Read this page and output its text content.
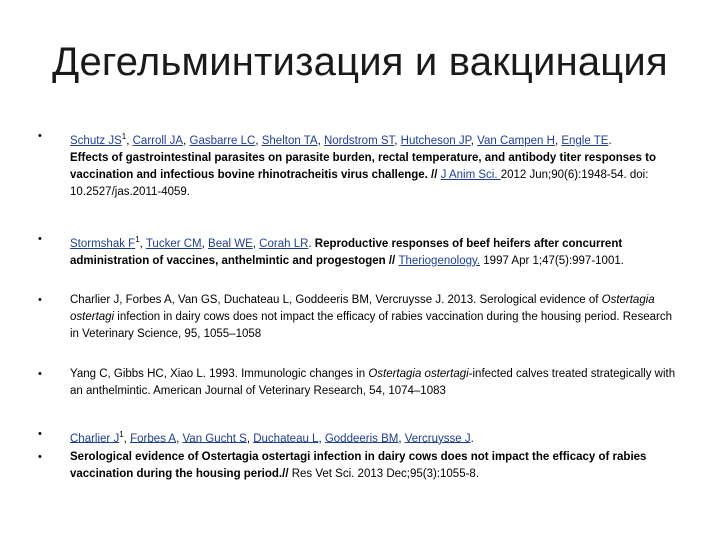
Дегельминтизация и вакцинация
•	Schutz $JS^1$, Carroll JA, Gasbarre LC, Shelton TA, Nordstrom ST, Hutcheson JP, Van Campen H, Engle TE.
Effects of gastrointestinal parasites on parasite burden, rectal temperature, and antibody titer responses to vaccination and infectious bovine rhinotracheitis virus challenge. // J Anim Sci. 2012 Jun;90(6):1948-54. doi: 10.2527/jas.2011-4059.
•	Stormshak $F^1$, Tucker CM, Beal WE, Corah LR. Reproductive responses of beef heifers after concurrent administration of vaccines, anthelmintic and progestogen // Theriogenology. 1997 Apr 1;47(5):997-1001.
•	Charlier J, Forbes A, Van GS, Duchateau L, Goddeeris BM, Vercruysse J. 2013. Serological evidence of Ostertagia ostertagi infection in dairy cows does not impact the efficacy of rabies vaccination during the housing period. Research in Veterinary Science, 95, 1055–1058
•	Yang C, Gibbs HC, Xiao L. 1993. Immunologic changes in Ostertagia ostertagi-infected calves treated strategically with an anthelmintic. American Journal of Veterinary Research, 54, 1074–1083
•	Charlier $J^1$, Forbes A, Van Gucht S, Duchateau L, Goddeeris BM, Vercruysse J.
•	Serological evidence of Ostertagia ostertagi infection in dairy cows does not impact the efficacy of rabies vaccination during the housing period.// Res Vet Sci. 2013 Dec;95(3):1055-8.
